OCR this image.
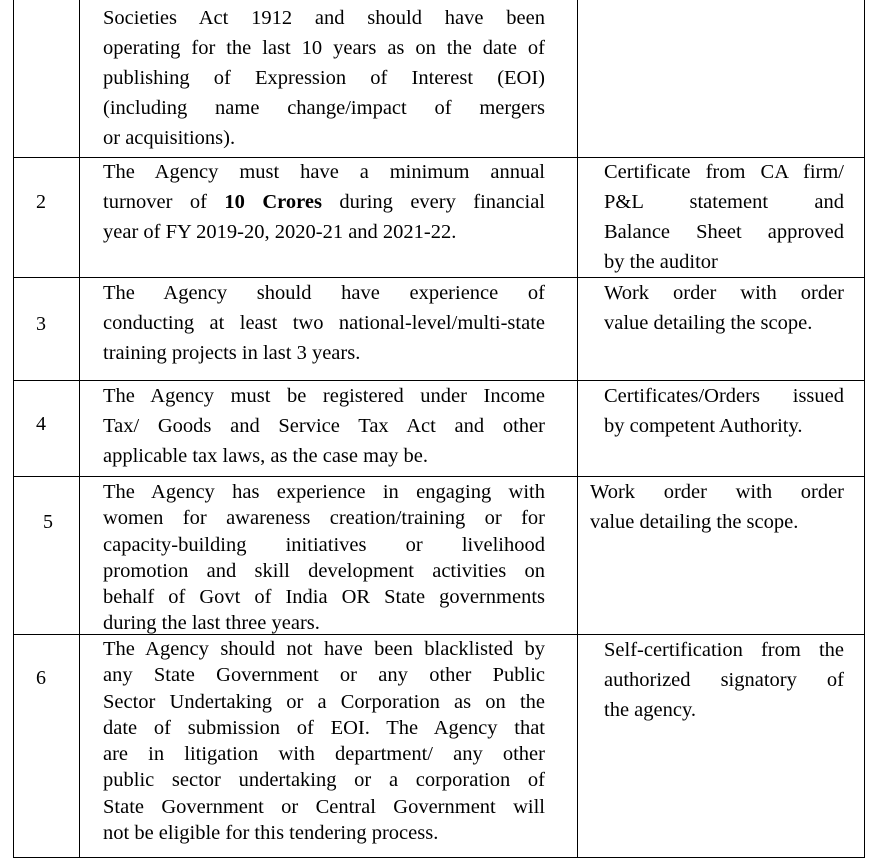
Societies Act 1912 and should have been
operating for the last 10 years as on the date of
publishing of Expression of Interest (EOI)
(including name change/impact of mergers
or acquisitions).
2
The Agency must have a minimum annual
turnover of 10 Crores during every financial
year of FY 2019-20, 2020-21 and 2021-22.
Certificate from CA firm/
P&L statement and
Balance Sheet approved
by the auditor
3
The Agency should have experience of
conducting at least two national-level/multi-state
training projects in last 3 years.
Work order with order
value detailing the scope.
4
The Agency must be registered under Income
Tax/ Goods and Service Tax Act and other
applicable tax laws, as the case may be.
Certificates/Orders issued
by competent Authority.
5
The Agency has experience in engaging with
women for awareness creation/training or for
capacity-building initiatives or livelihood
promotion and skill development activities on
behalf of Govt of India OR State governments
during the last three years.
Work order with order
value detailing the scope.
6
The Agency should not have been blacklisted by
any State Government or any other Public
Sector Undertaking or a Corporation as on the
date of submission of EOI. The Agency that
are in litigation with department/ any other
public sector undertaking or a corporation of
State Government or Central Government will
not be eligible for this tendering process.
Self-certification from the
authorized signatory of
the agency.
